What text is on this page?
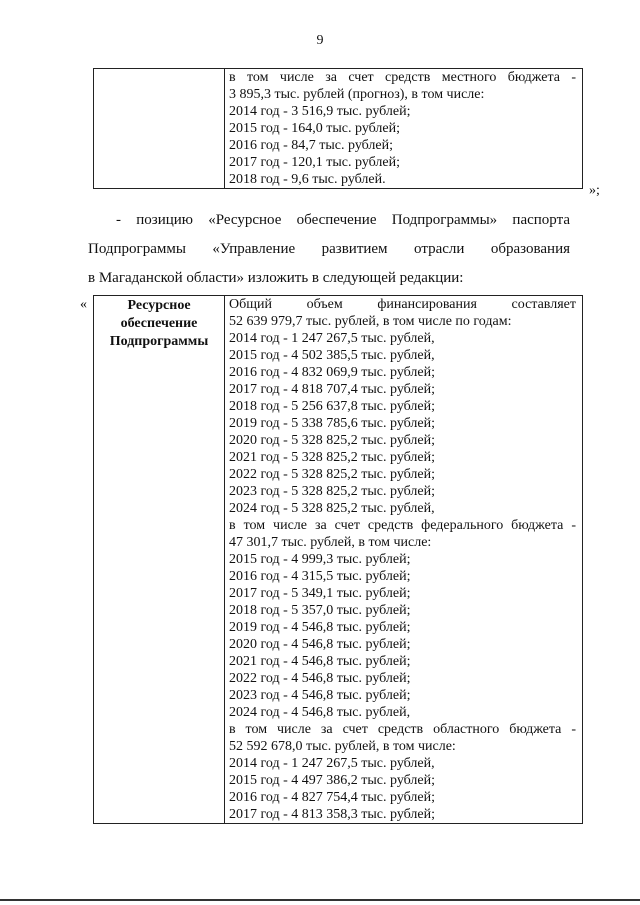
9

в том числе за счет средств местного бюджета -
3 895,3 тыс. рублей (прогноз), в том числе:
2014 год - 3 516,9 тыс. рублей;
2015 год - 164,0 тыс. рублей;
2016 год - 84,7 тыс. рублей;
2017 год - 120,1 тыс. рублей;
2018 год - 9,6 тыс. рублей.
»;
- позицию «Ресурсное обеспечение Подпрограммы» паспорта
Подпрограммы «Управление развитием отрасли образования
в Магаданской области» изложить в следующей редакции:
«	Ресурсное
обеспечение
Подпрограммы

Общий объем финансирования составляет
52 639 979,7 тыс. рублей, в том числе по годам:
2014 год - 1 247 267,5 тыс. рублей,
2015 год - 4 502 385,5 тыс. рублей,
2016 год - 4 832 069,9 тыс. рублей;
2017 год - 4 818 707,4 тыс. рублей;
2018 год - 5 256 637,8 тыс. рублей;
2019 год - 5 338 785,6 тыс. рублей;
2020 год - 5 328 825,2 тыс. рублей;
2021 год - 5 328 825,2 тыс. рублей;
2022 год - 5 328 825,2 тыс. рублей;
2023 год - 5 328 825,2 тыс. рублей;
2024 год - 5 328 825,2 тыс. рублей,
в том числе за счет средств федерального бюджета -
47 301,7 тыс. рублей, в том числе:
2015 год - 4 999,3 тыс. рублей;
2016 год - 4 315,5 тыс. рублей;
2017 год - 5 349,1 тыс. рублей;
2018 год - 5 357,0 тыс. рублей;
2019 год - 4 546,8 тыс. рублей;
2020 год - 4 546,8 тыс. рублей;
2021 год - 4 546,8 тыс. рублей;
2022 год - 4 546,8 тыс. рублей;
2023 год - 4 546,8 тыс. рублей;
2024 год - 4 546,8 тыс. рублей,
в том числе за счет средств областного бюджета -
52 592 678,0 тыс. рублей, в том числе:
2014 год - 1 247 267,5 тыс. рублей,
2015 год - 4 497 386,2 тыс. рублей;
2016 год - 4 827 754,4 тыс. рублей;
2017 год - 4 813 358,3 тыс. рублей;
